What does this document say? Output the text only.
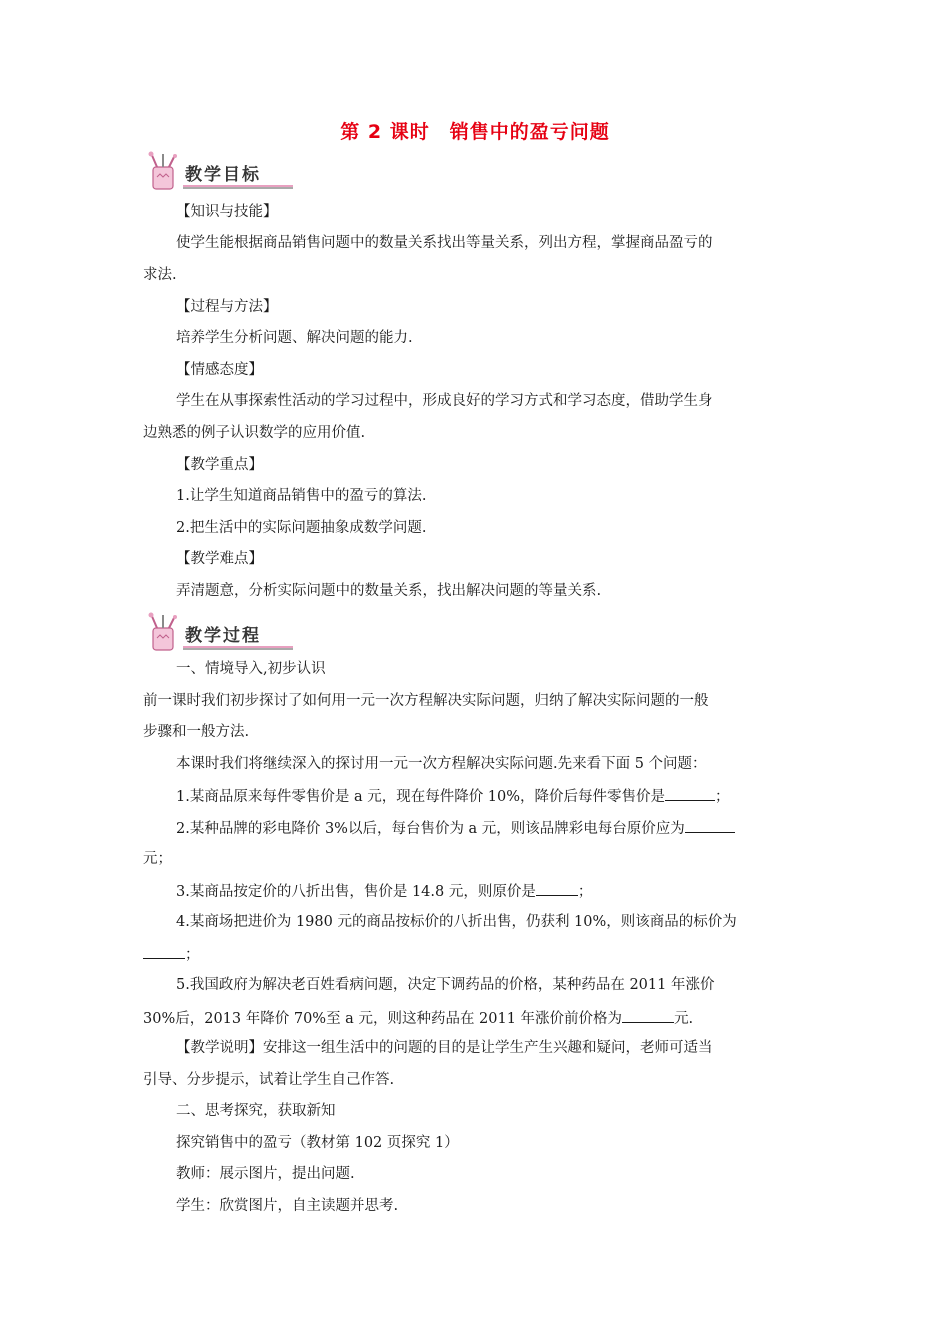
第 2 课时　销售中的盈亏问题
教学目标
【知识与技能】
使学生能根据商品销售问题中的数量关系找出等量关系，列出方程，掌握商品盈亏的
求法.
【过程与方法】
培养学生分析问题、解决问题的能力.
【情感态度】
学生在从事探索性活动的学习过程中，形成良好的学习方式和学习态度，借助学生身
边熟悉的例子认识数学的应用价值.
【教学重点】
1.让学生知道商品销售中的盈亏的算法.
2.把生活中的实际问题抽象成数学问题.
【教学难点】
弄清题意，分析实际问题中的数量关系，找出解决问题的等量关系.
教学过程
一、情境导入,初步认识
前一课时我们初步探讨了如何用一元一次方程解决实际问题，归纳了解决实际问题的一般
步骤和一般方法.
本课时我们将继续深入的探讨用一元一次方程解决实际问题.先来看下面 5 个问题：
1.某商品原来每件零售价是 a 元，现在每件降价 10%，降价后每件零售价是	；
2.某种品牌的彩电降价 3%以后，每台售价为 a 元，则该品牌彩电每台原价应为
元；
3.某商品按定价的八折出售，售价是 14.8 元，则原价是	；
4.某商场把进价为 1980 元的商品按标价的八折出售，仍获利 10%，则该商品的标价为
；
5.我国政府为解决老百姓看病问题，决定下调药品的价格，某种药品在 2011 年涨价
30%后，2013 年降价 70%至 a 元，则这种药品在 2011 年涨价前价格为	元.
【教学说明】安排这一组生活中的问题的目的是让学生产生兴趣和疑问，老师可适当
引导、分步提示，试着让学生自己作答.
二、思考探究，获取新知
探究销售中的盈亏（教材第 102 页探究 1）
教师：展示图片，提出问题.
学生：欣赏图片，自主读题并思考.
